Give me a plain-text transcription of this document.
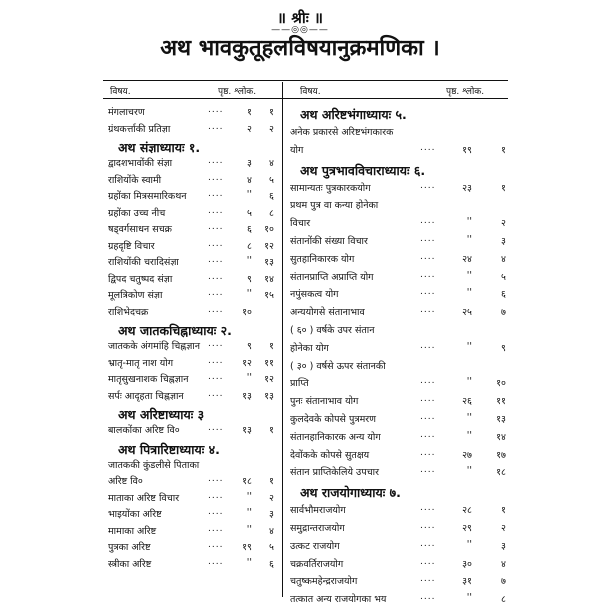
॥ श्रीः ॥
——◎◎——
अथ भावकुतूहलविषयानुक्रमणिका ।
विषय.	पृष्ठ. श्लोक.	विषय.	पृष्ठ. श्लोक.
मंगलाचरण	....	१	१
ग्रंथकर्त्ताकी प्रतिज्ञा	....	२	२
अथ संज्ञाध्यायः १.
द्वादशभावोंकी संज्ञा	....	३	४
राशियोंके स्वामी	....	४	५
ग्रहोंका मित्रसमारिकथन ....	''	६
ग्रहोंका उच्च नीच	....	५	८
षड्वर्गसाधन सचक्र	....	६	१०
ग्रहदृष्टि विचार	....	८	१२
राशियोंकी चरादिसंज्ञा	....	''	१३
द्विपद चतुष्पद संज्ञा	....	९	१४
मूलत्रिकोण संज्ञा	....	''	१५
राशिभेदचक्र	....	१०
अथ जातकचिह्नाध्यायः २.
जातकके अंगमांहि चिह्नज्ञान ....	९	१
भ्रातृ-मातृ नाश योग	....	१२	११
मातृसुखनाशक चिह्नज्ञान ....	''	१२
सर्पः आदृहता चिह्नज्ञान	....	१३	१३
अथ अरिष्टाध्यायः ३
बालकोंका अरिष्ट वि०	....	१३	१
अथ पित्रारिष्टाध्यायः ४.
जातककी कुंडलीसे पिताका
अरिष्ट वि०	....	१८	१
माताका अरिष्ट विचार	....	''	२
भाइयोंका अरिष्ट	....	''	३
मामाका अरिष्ट	....	''	४
पुत्रका अरिष्ट	....	१९	५
स्त्रीका अरिष्ट	....	''	६
अथ अरिष्टभंगाध्यायः ५.
अनेक प्रकारसे अरिष्टभंगकारक
योग	....	१९	१
अथ पुत्रभावविचाराध्यायः ६.
सामान्यतः पुत्रकारकयोग	....	२३	१
प्रथम पुत्र वा कन्या होनेका
विचार	....	''	२
संतानोंकी संख्या विचार	....	''	३
सुतहानिकारक योग	....	२४	४
संतानप्राप्ति अप्राप्ति योग	....	''	५
नपुंसकत्व योग	....	''	६
अन्ययोगसे संतानाभाव	....	२५	७
( ६० ) वर्षके उपर संतान
होनेका योग	....	''	९
( ३० ) वर्षसे ऊपर संतानकी
प्राप्ति	....	''	१०
पुनः संतानाभाव योग	....	२६	११
कुलदेवके कोपसे पुत्रमरण	....	''	१३
संतानहानिकारक अन्य योग	....	''	१४
देवोंकके कोपसे सुतक्षय	....	२७	१७
संतान प्राप्तिकेलिये उपचार	....	''	१८
अथ राजयोगाध्यायः ७.
सार्वभौमराजयोग	....	२८	१
समुद्रान्तराजयोग	....	२९	२
उत्कट राजयोग	....	''	३
चक्रवर्तिराजयोग	....	३०	४
चतुष्कमहेन्द्रराजयोग	....	३१	७
तत्कात अन्य राजयोगका भय	....	''	८
